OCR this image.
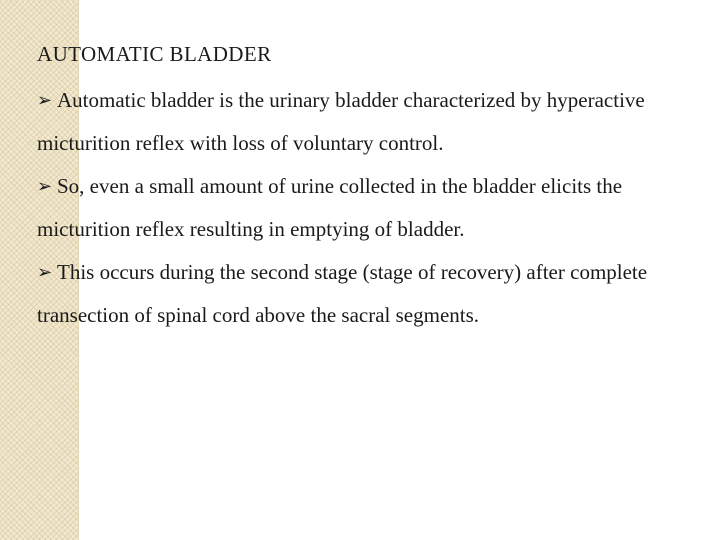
AUTOMATIC BLADDER
➢ Automatic bladder is the urinary bladder characterized by hyperactive micturition reflex with loss of voluntary control.
➢ So, even a small amount of urine collected in the bladder elicits the micturition reflex resulting in emptying of bladder.
➢ This occurs during the second stage (stage of recovery) after complete transection of spinal cord above the sacral segments.
